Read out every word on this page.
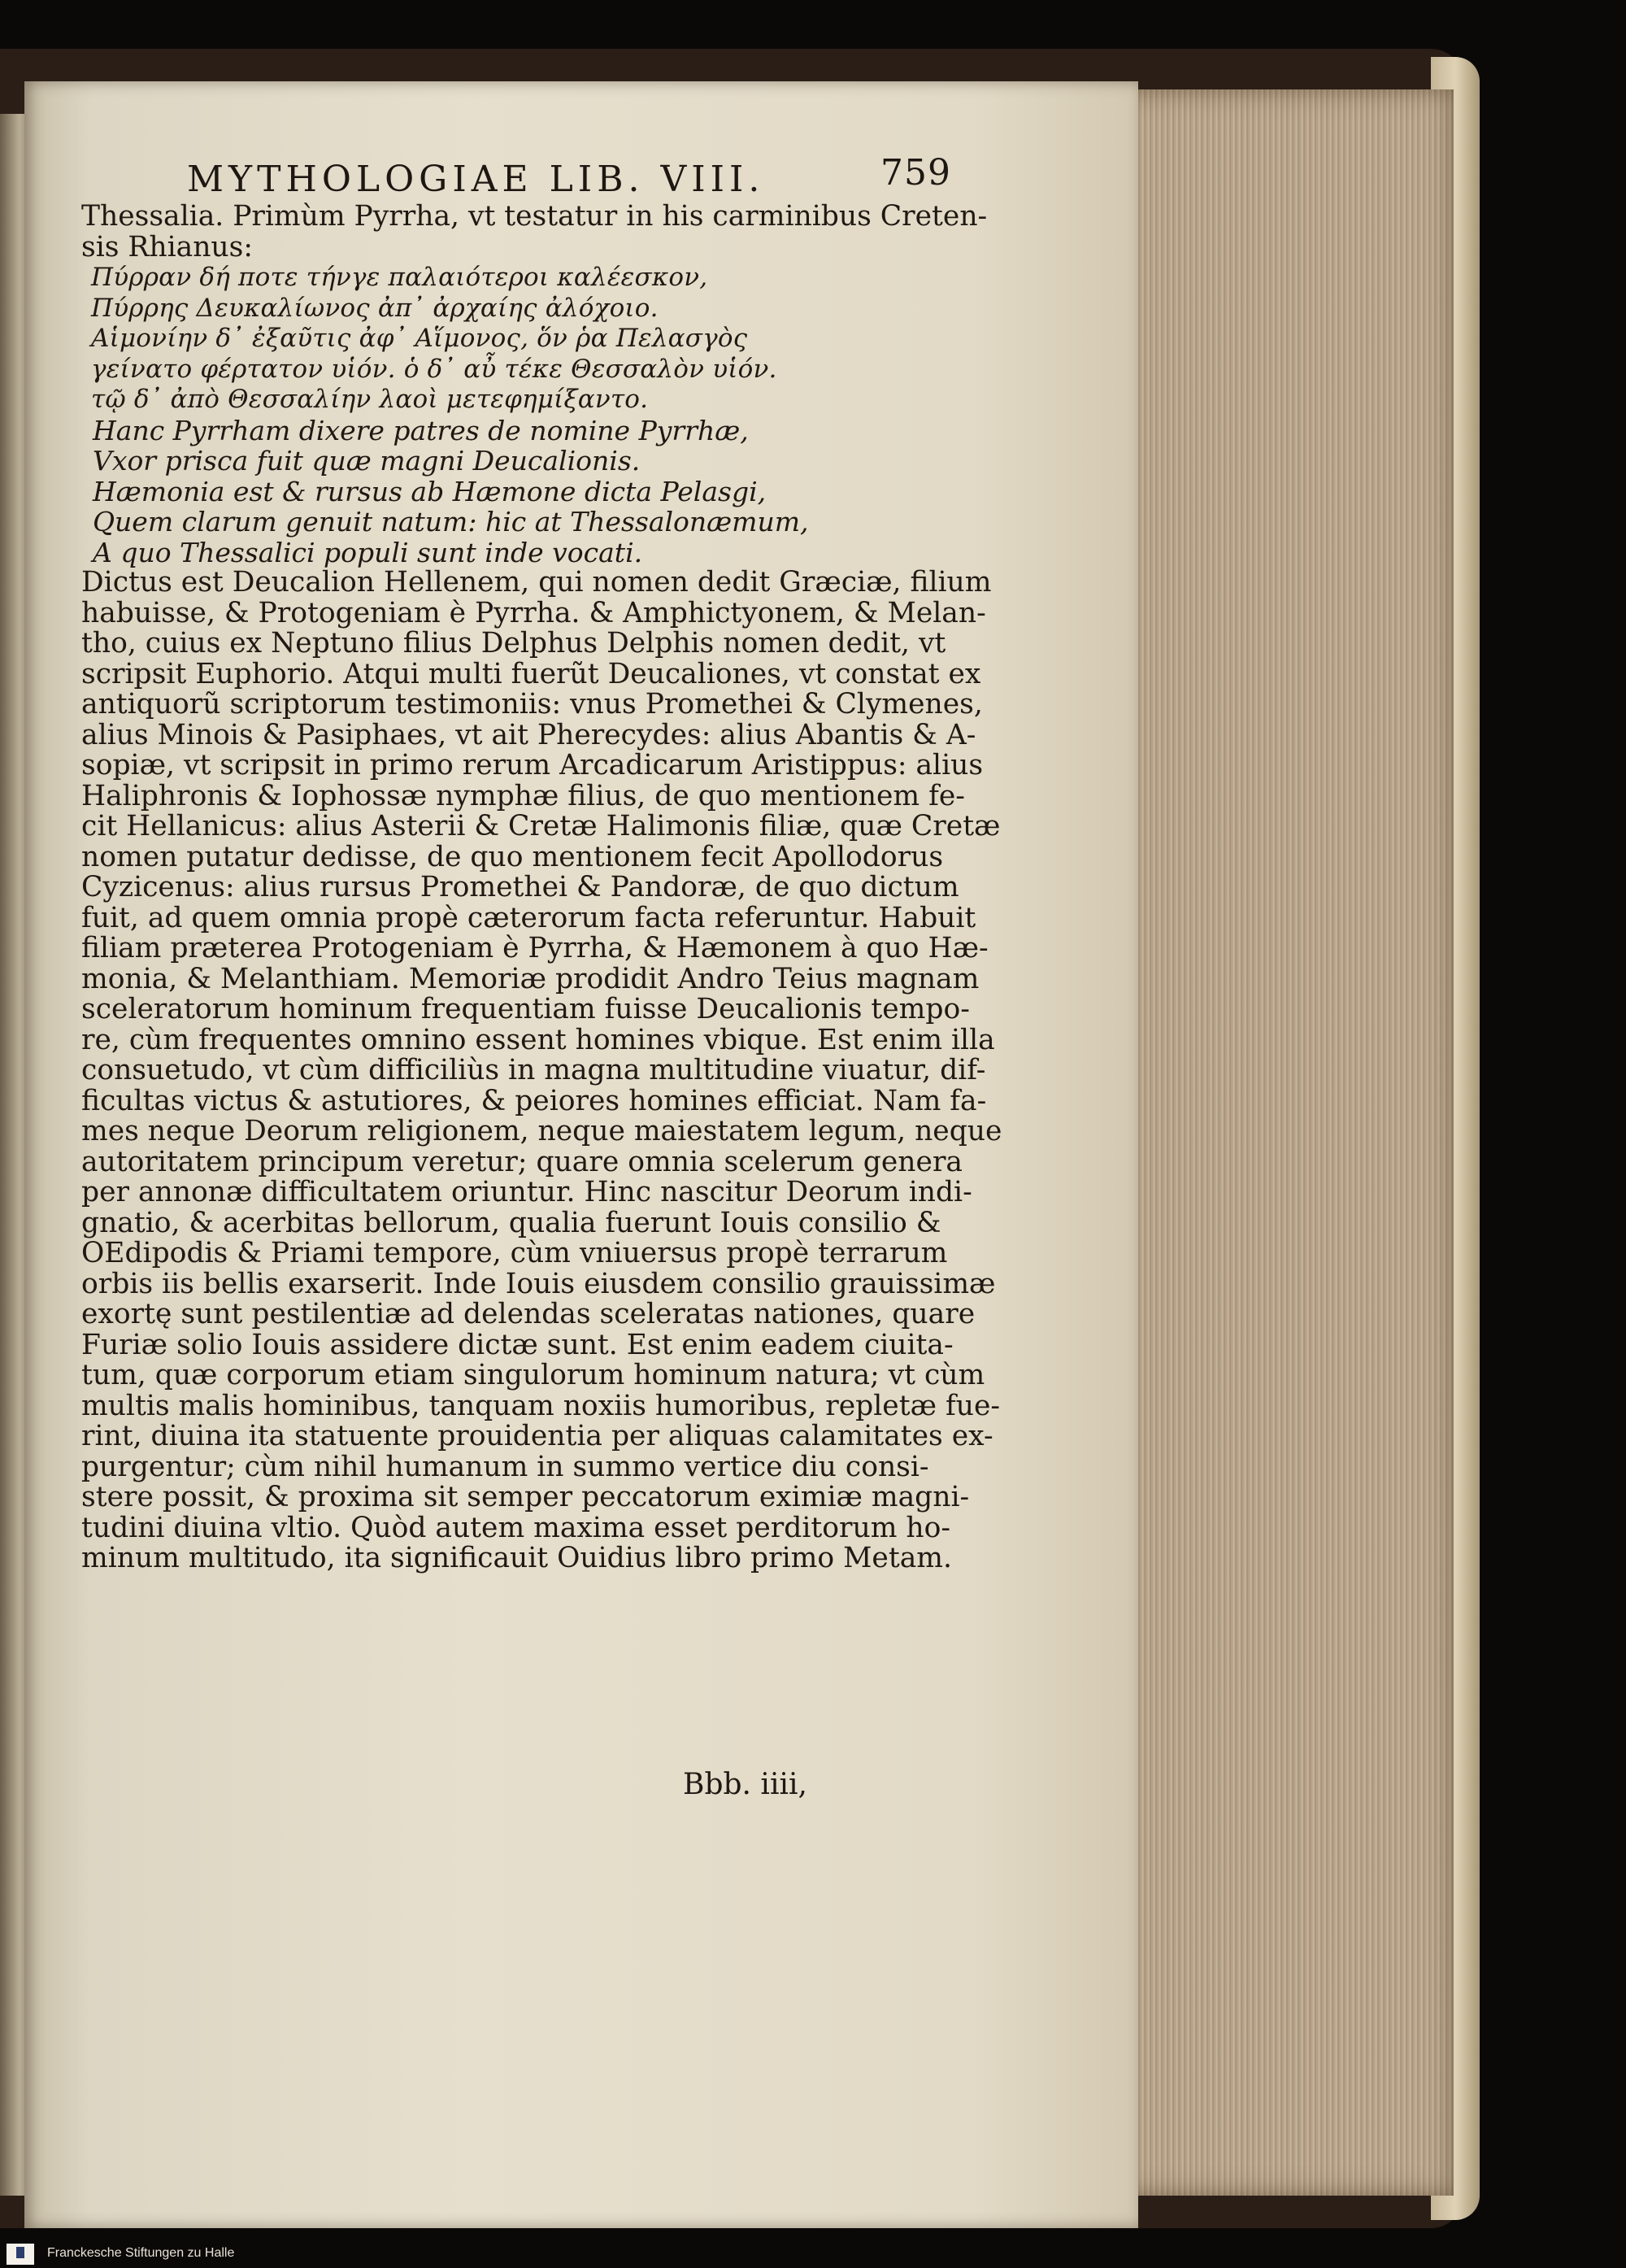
MYTHOLOGIAE LIB. VIII.	759
Thessalia. Primùm Pyrrha, vt testatur in his carminibus Creten-
sis Rhianus:
Πύρραν δή ποτε τήνγε παλαιότεροι καλέεσκον,
Πύρρης Δευκαλίωνος ἀπ᾽ ἀρχαίης ἀλόχοιο.
Αἱμονίην δ᾽ ἐξαῦτις ἀφ᾽ Αἵμονος, ὅν ῥα Πελασγὸς
γείνατο φέρτατον υἱόν. ὁ δ᾽ αὖ τέκε Θεσσαλὸν υἱόν.
τῷ δ᾽ ἀπὸ Θεσσαλίην λαοὶ μετεφημίξαντο.
Hanc Pyrrham dixere patres de nomine Pyrrhæ,
Vxor prisca fuit quæ magni Deucalionis.
Hæmonia est & rursus ab Hæmone dicta Pelasgi,
Quem clarum genuit natum: hic at Thessalonæmum,
A quo Thessalici populi sunt inde vocati.
Dictus est Deucalion Hellenem, qui nomen dedit Græciæ, filium
habuisse, & Protogeniam è Pyrrha. & Amphictyonem, & Melan-
tho, cuius ex Neptuno filius Delphus Delphis nomen dedit, vt
scripsit Euphorio. Atqui multi fuerũt Deucaliones, vt constat ex
antiquorũ scriptorum testimoniis: vnus Promethei & Clymenes,
alius Minois & Pasiphaes, vt ait Pherecydes: alius Abantis & A-
sopiæ, vt scripsit in primo rerum Arcadicarum Aristippus: alius
Haliphronis & Iophossæ nymphæ filius, de quo mentionem fe-
cit Hellanicus: alius Asterii & Cretæ Halimonis filiæ, quæ Cretæ
nomen putatur dedisse, de quo mentionem fecit Apollodorus
Cyzicenus: alius rursus Promethei & Pandoræ, de quo dictum
fuit, ad quem omnia propè cæterorum facta referuntur. Habuit
filiam præterea Protogeniam è Pyrrha, & Hæmonem à quo Hæ-
monia, & Melanthiam. Memoriæ prodidit Andro Teius magnam
sceleratorum hominum frequentiam fuisse Deucalionis tempo-
re, cùm frequentes omnino essent homines vbique. Est enim illa
consuetudo, vt cùm difficiliùs in magna multitudine viuatur, dif-
ficultas victus & astutiores, & peiores homines efficiat. Nam fa-
mes neque Deorum religionem, neque maiestatem legum, neque
autoritatem principum veretur; quare omnia scelerum genera
per annonæ difficultatem oriuntur. Hinc nascitur Deorum indi-
gnatio, & acerbitas bellorum, qualia fuerunt Iouis consilio &
OEdipodis & Priami tempore, cùm vniuersus propè terrarum
orbis iis bellis exarserit. Inde Iouis eiusdem consilio grauissimæ
exortę sunt pestilentiæ ad delendas sceleratas nationes, quare
Furiæ solio Iouis assidere dictæ sunt. Est enim eadem ciuita-
tum, quæ corporum etiam singulorum hominum natura; vt cùm
multis malis hominibus, tanquam noxiis humoribus, repletæ fue-
rint, diuina ita statuente prouidentia per aliquas calamitates ex-
purgentur; cùm nihil humanum in summo vertice diu consi-
stere possit, & proxima sit semper peccatorum eximiæ magni-
tudini diuina vltio. Quòd autem maxima esset perditorum ho-
minum multitudo, ita significauit Ouidius libro primo Metam.
Bbb. iiii,
Franckesche Stiftungen zu Halle
